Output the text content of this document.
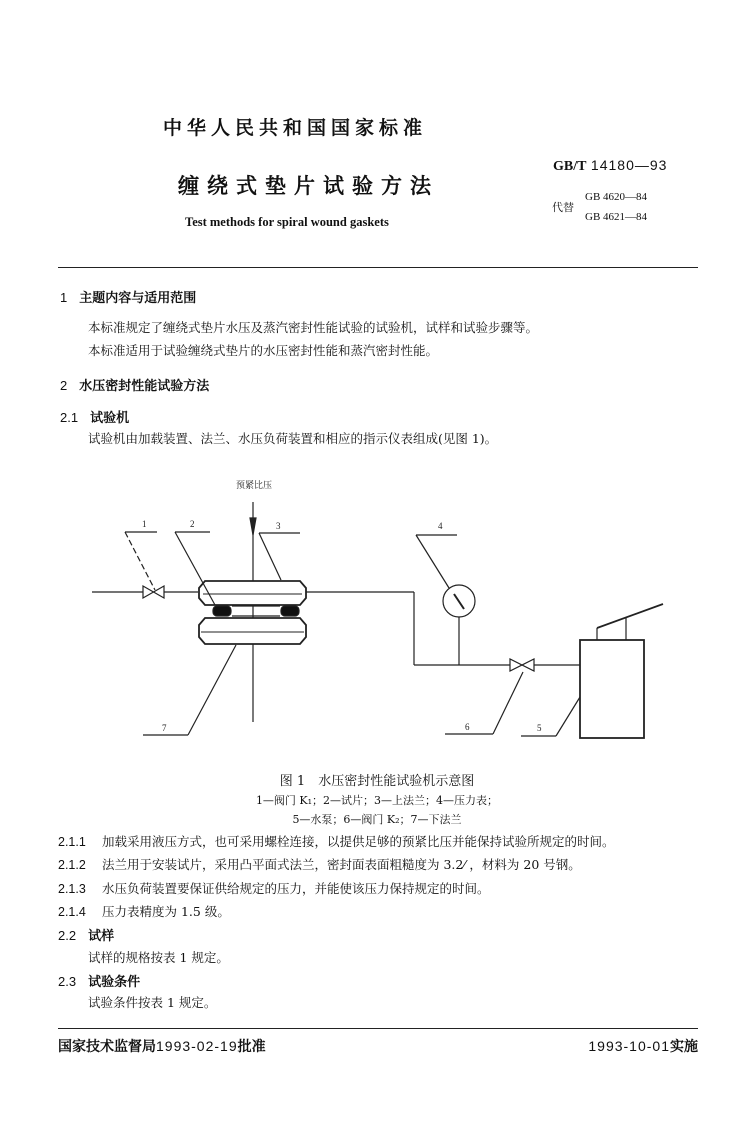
中华人民共和国国家标准
缠绕式垫片试验方法
Test methods for spiral wound gaskets
GB/T 14180—93
代替
GB 4620—84
GB 4621—84
1 主题内容与适用范围
本标准规定了缠绕式垫片水压及蒸汽密封性能试验的试验机，试样和试验步骤等。
本标准适用于试验缠绕式垫片的水压密封性能和蒸汽密封性能。
2 水压密封性能试验方法
2.1 试验机
试验机由加载装置、法兰、水压负荷装置和相应的指示仪表组成(见图 1)。
预紧比压
1	2	3	4
5
6
7
图 1　水压密封性能试验机示意图
1—阀门 K₁；2—试片；3—上法兰；4—压力表；
5—水泵；6—阀门 K₂；7—下法兰
2.1.1 加载采用液压方式，也可采用螺栓连接，以提供足够的预紧比压并能保持试验所规定的时间。
2.1.2 法兰用于安装试片，采用凸平面式法兰，密封面表面粗糙度为 3.2⁄ ，材料为 20 号钢。
2.1.3 水压负荷装置要保证供给规定的压力，并能使该压力保持规定的时间。
2.1.4 压力表精度为 1.5 级。
2.2 试样
试样的规格按表 1 规定。
2.3 试验条件
试验条件按表 1 规定。
国家技术监督局1993-02-19批准	1993-10-01实施
